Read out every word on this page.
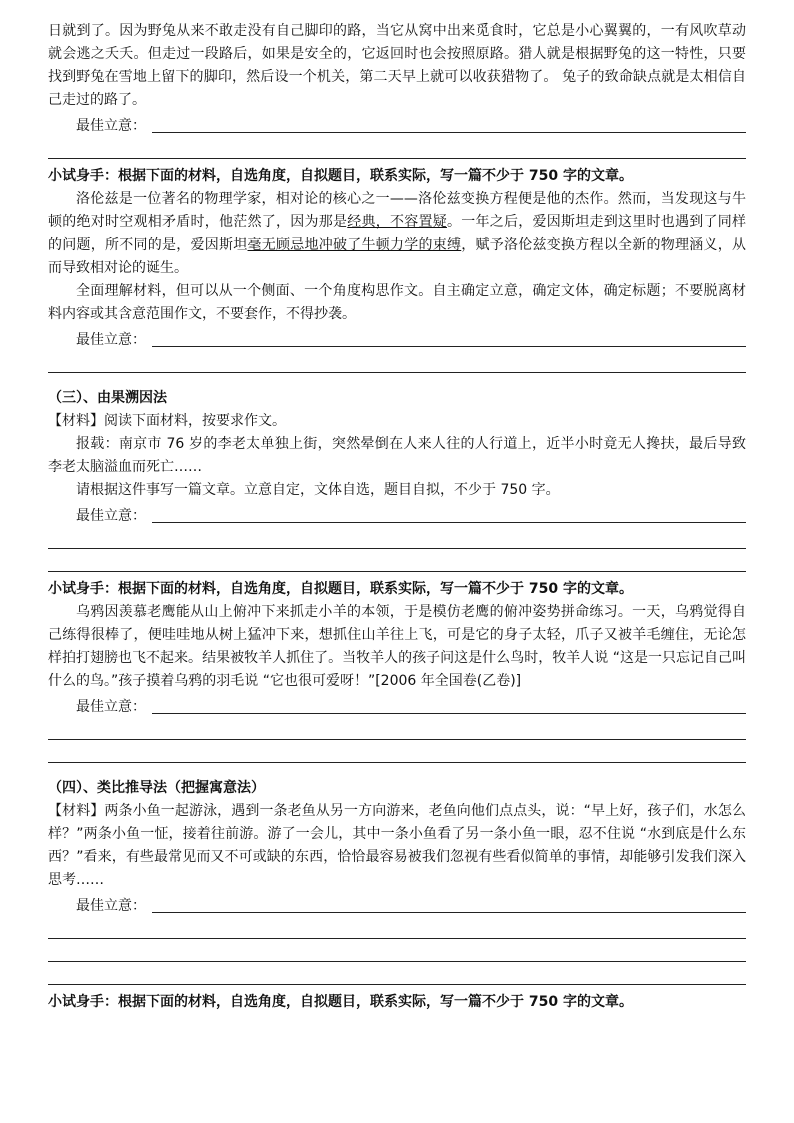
日就到了。因为野兔从来不敢走没有自己脚印的路，当它从窝中出来觅食时，它总是小心翼翼的，一有风吹草动就会逃之夭夭。但走过一段路后，如果是安全的，它返回时也会按照原路。猎人就是根据野兔的这一特性，只要找到野兔在雪地上留下的脚印，然后设一个机关，第二天早上就可以收获猎物了。 兔子的致命缺点就是太相信自己走过的路了。

最佳立意：

小试身手：根据下面的材料，自选角度，自拟题目，联系实际，写一篇不少于 750 字的文章。

洛伦兹是一位著名的物理学家，相对论的核心之一——洛伦兹变换方程便是他的杰作。然而，当发现这与牛顿的绝对时空观相矛盾时，他茫然了，因为那是经典，不容置疑。一年之后，爱因斯坦走到这里时也遇到了同样的问题，所不同的是，爱因斯坦毫无顾忌地冲破了牛顿力学的束缚，赋予洛伦兹变换方程以全新的物理涵义，从而导致相对论的诞生。

全面理解材料，但可以从一个侧面、一个角度构思作文。自主确定立意，确定文体，确定标题；不要脱离材料内容或其含意范围作文，不要套作，不得抄袭。

最佳立意：

（三）、由果溯因法

【材料】阅读下面材料，按要求作文。

报载：南京市 76 岁的李老太单独上街，突然晕倒在人来人往的人行道上，近半小时竟无人搀扶，最后导致李老太脑溢血而死亡……

请根据这件事写一篇文章。立意自定，文体自选，题目自拟，不少于 750 字。

最佳立意：

小试身手：根据下面的材料，自选角度，自拟题目，联系实际，写一篇不少于 750 字的文章。

乌鸦因羡慕老鹰能从山上俯冲下来抓走小羊的本领，于是模仿老鹰的俯冲姿势拼命练习。一天，乌鸦觉得自己练得很棒了，便哇哇地从树上猛冲下来，想抓住山羊往上飞，可是它的身子太轻，爪子又被羊毛缠住，无论怎样拍打翅膀也飞不起来。结果被牧羊人抓住了。当牧羊人的孩子问这是什么鸟时，牧羊人说 “这是一只忘记自己叫什么的鸟。”孩子摸着乌鸦的羽毛说 “它也很可爱呀！”[2006 年全国卷(乙卷)]

最佳立意：

（四）、类比推导法（把握寓意法）

【材料】两条小鱼一起游泳，遇到一条老鱼从另一方向游来，老鱼向他们点点头，说：“早上好，孩子们，水怎么样？”两条小鱼一怔，接着往前游。游了一会儿，其中一条小鱼看了另一条小鱼一眼，忍不住说 “水到底是什么东西？”看来，有些最常见而又不可或缺的东西，恰恰最容易被我们忽视有些看似简单的事情，却能够引发我们深入思考……

最佳立意：

小试身手：根据下面的材料，自选角度，自拟题目，联系实际，写一篇不少于 750 字的文章。
